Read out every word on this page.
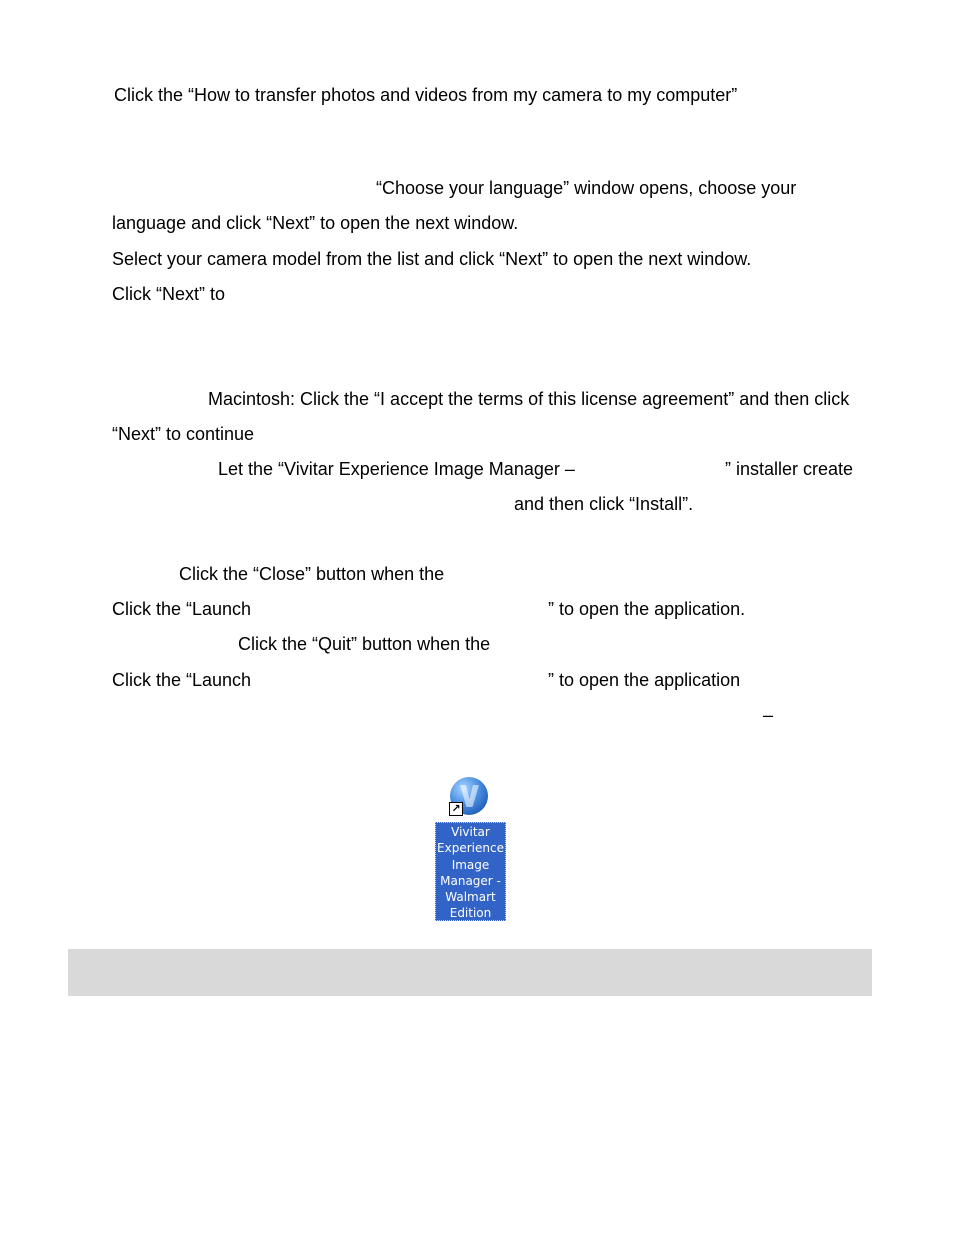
Click the “How to transfer photos and videos from my camera to my computer”
“Choose your language” window opens, choose your
language and click “Next” to open the next window.
Select your camera model from the list and click “Next” to open the next window.
Click “Next” to
Macintosh: Click the “I accept the terms of this license agreement” and then click
“Next” to continue
Let the “Vivitar Experience Image Manager –	” installer create
and then click “Install”.
Click the “Close” button when the
Click the “Launch	” to open the application.
Click the “Quit” button when the
Click the “Launch	” to open the application
–
↗
Vivitar
Experience
Image
Manager -
Walmart
Edition
